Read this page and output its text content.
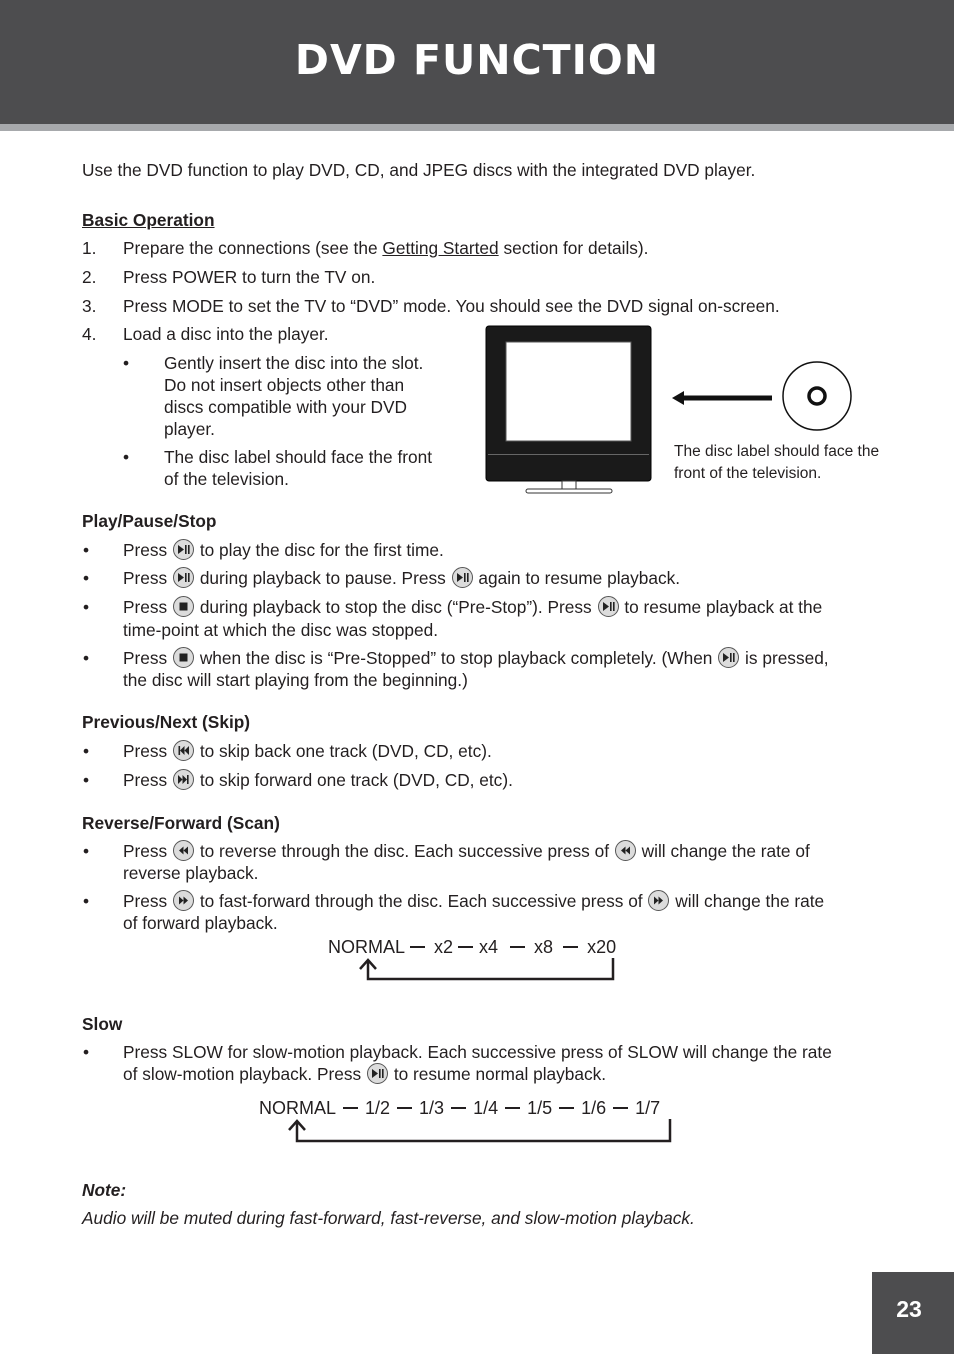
DVD FUNCTION
Use the DVD function to play DVD, CD, and JPEG discs with the integrated DVD player.
Basic Operation
1. Prepare the connections (see the Getting Started section for details).
2. Press POWER to turn the TV on.
3. Press MODE to set the TV to “DVD” mode. You should see the DVD signal on-screen.
4. Load a disc into the player.
• Gently insert the disc into the slot.
Do not insert objects other than
discs compatible with your DVD
player.
• The disc label should face the front
of the television.
The disc label should face the
front of the television.
Play/Pause/Stop
• Press to play the disc for the first time.
• Press during playback to pause. Press again to resume playback.
• Press during playback to stop the disc (“Pre-Stop”). Press to resume playback at the
time-point at which the disc was stopped.
• Press when the disc is “Pre-Stopped” to stop playback completely. (When is pressed,
the disc will start playing from the beginning.)
Previous/Next (Skip)
• Press to skip back one track (DVD, CD, etc).
• Press to skip forward one track (DVD, CD, etc).
Reverse/Forward (Scan)
• Press to reverse through the disc. Each successive press of will change the rate of
reverse playback.
• Press to fast-forward through the disc. Each successive press of will change the rate
of forward playback.
NORMAL x2 x4 x8 x20
Slow
• Press SLOW for slow-motion playback. Each successive press of SLOW will change the rate
of slow-motion playback. Press to resume normal playback.
NORMAL 1/2 1/3 1/4 1/5 1/6 1/7
Note:
Audio will be muted during fast-forward, fast-reverse, and slow-motion playback.
23
